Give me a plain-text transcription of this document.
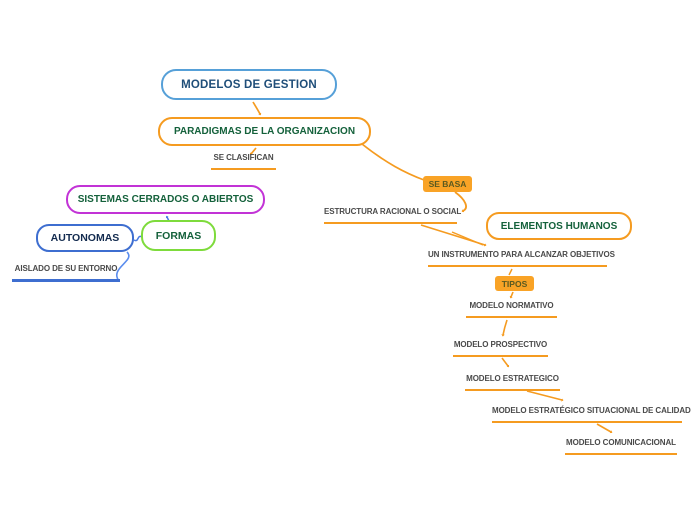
MODELOS DE GESTION
PARADIGMAS DE LA ORGANIZACION
SISTEMAS CERRADOS O ABIERTOS
AUTONOMAS	FORMAS
ELEMENTOS HUMANOS
SE BASA
TIPOS
SE CLASIFICAN
ESTRUCTURA RACIONAL O SOCIAL
UN INSTRUMENTO PARA ALCANZAR OBJETIVOS
MODELO NORMATIVO
MODELO PROSPECTIVO
MODELO ESTRATEGICO
MODELO ESTRATÉGICO SITUACIONAL DE CALIDAD
MODELO COMUNICACIONAL
AISLADO DE SU ENTORNO
